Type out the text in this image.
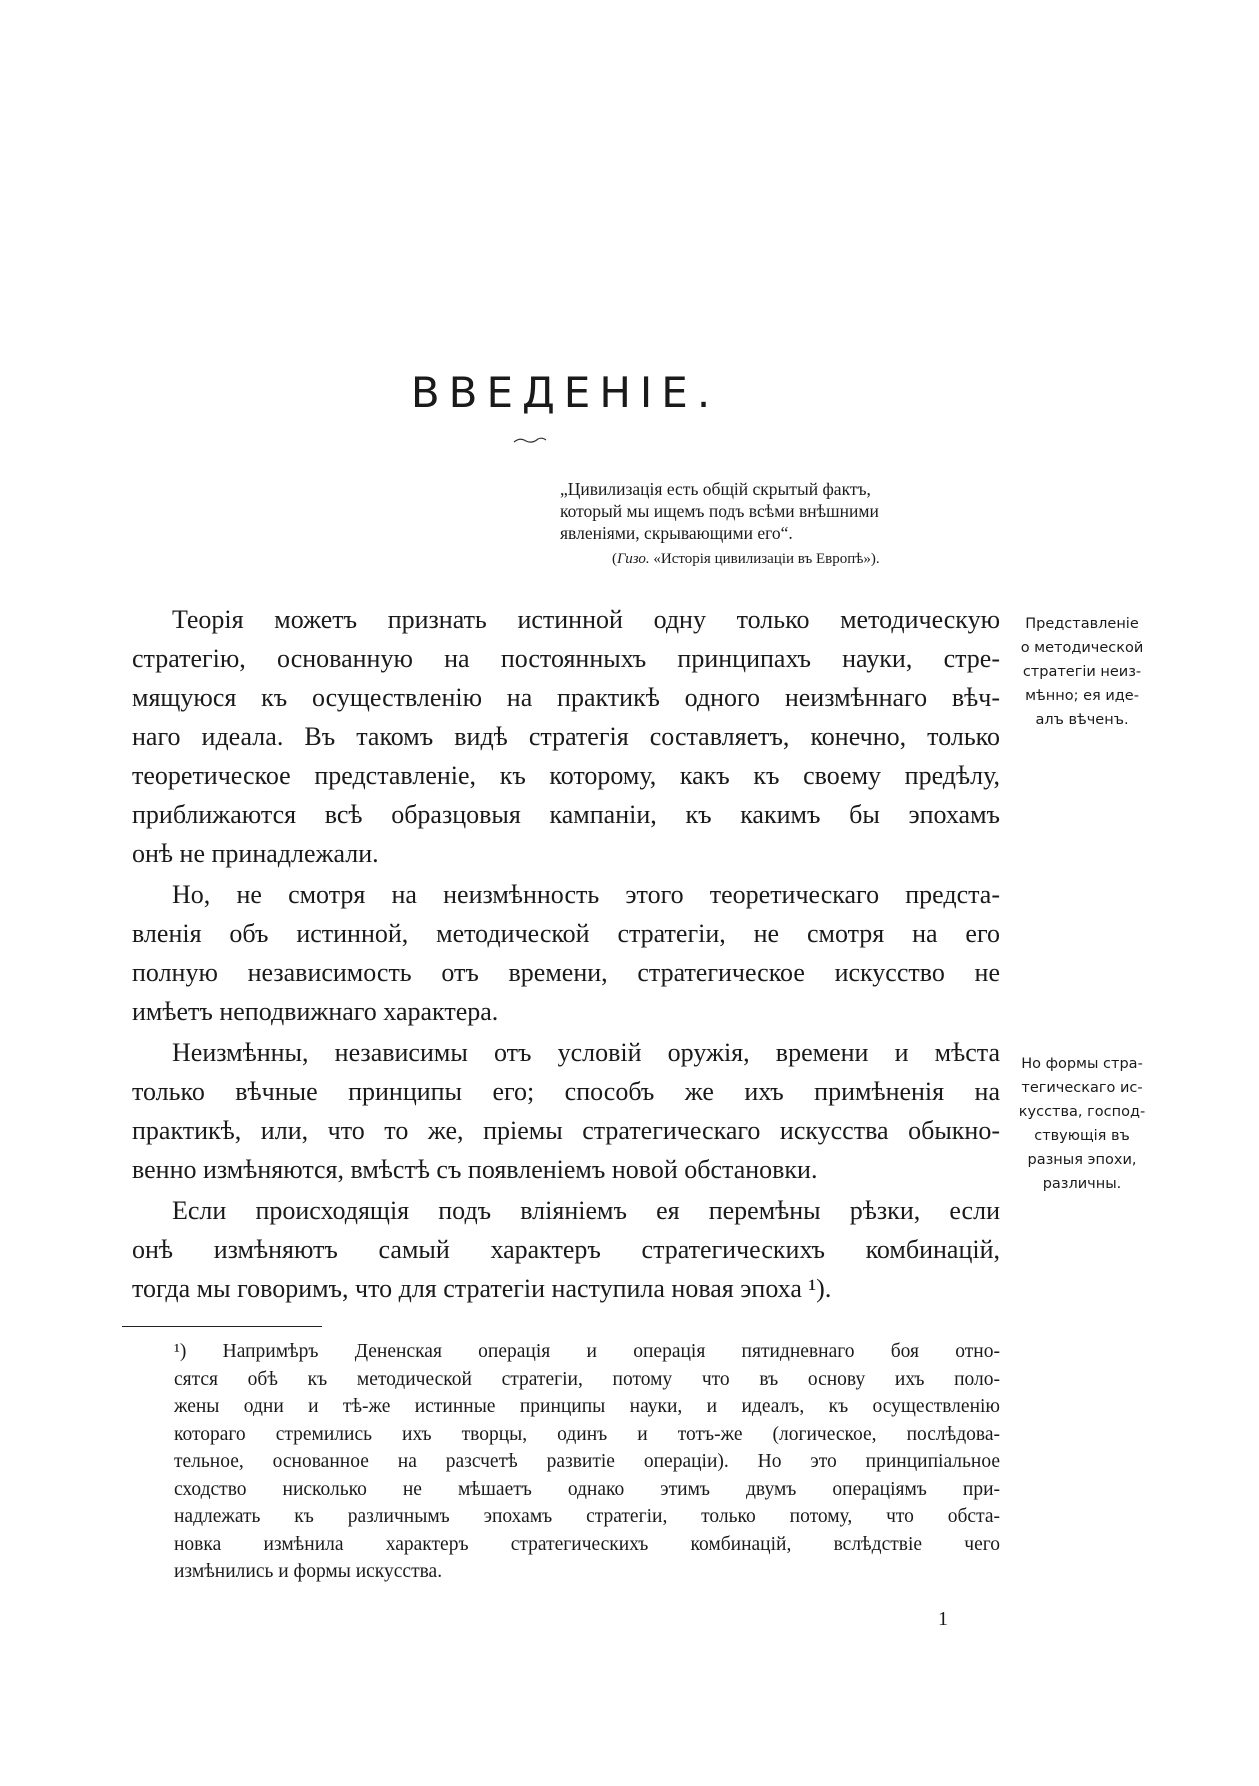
ВВЕДЕНІЕ.
„Цивилизація есть общій скрытый фактъ,
который мы ищемъ подъ всѣми внѣшними
явленіями, скрывающими его“.
(Гизо. «Исторія цивилизаціи въ Европѣ»).
Теорія можетъ признать истинной одну только методическую
стратегію, основанную на постоянныхъ принципахъ науки, стре-
мящуюся къ осуществленію на практикѣ одного неизмѣннаго вѣч-
наго идеала. Въ такомъ видѣ стратегія составляетъ, конечно, только
теоретическое представленіе, къ которому, какъ къ своему предѣлу,
приближаются всѣ образцовыя кампаніи, къ какимъ бы эпохамъ
онѣ не принадлежали.
Но, не смотря на неизмѣнность этого теоретическаго предста-
вленія объ истинной, методической стратегіи, не смотря на его
полную независимость отъ времени, стратегическое искусство не
имѣетъ неподвижнаго характера.
Неизмѣнны, независимы отъ условій оружія, времени и мѣста
только вѣчные принципы его; способъ же ихъ примѣненія на
практикѣ, или, что то же, пріемы стратегическаго искусства обыкно-
венно измѣняются, вмѣстѣ съ появленіемъ новой обстановки.
Если происходящія подъ вліяніемъ ея перемѣны рѣзки, если
онѣ измѣняютъ самый характеръ стратегическихъ комбинацій,
тогда мы говоримъ, что для стратегіи наступила новая эпоха ¹).
Представленіе
о методической
стратегіи неиз-
мѣнно; ея иде-
алъ вѣченъ.
Но формы стра-
тегическаго ис-
кусства, господ-
ствующія въ
разныя эпохи,
различны.
¹) Напримѣръ Дененская операція и операція пятидневнаго боя отно-
сятся обѣ къ методической стратегіи, потому что въ основу ихъ поло-
жены одни и тѣ-же истинные принципы науки, и идеалъ, къ осуществленію
котораго стремились ихъ творцы, одинъ и тотъ-же (логическое, послѣдова-
тельное, основанное на разсчетѣ развитіе операціи). Но это принципіальное
сходство нисколько не мѣшаетъ однако этимъ двумъ операціямъ при-
надлежать къ различнымъ эпохамъ стратегіи, только потому, что обста-
новка измѣнила характеръ стратегическихъ комбинацій, вслѣдствіе чего
измѣнились и формы искусства.
1
